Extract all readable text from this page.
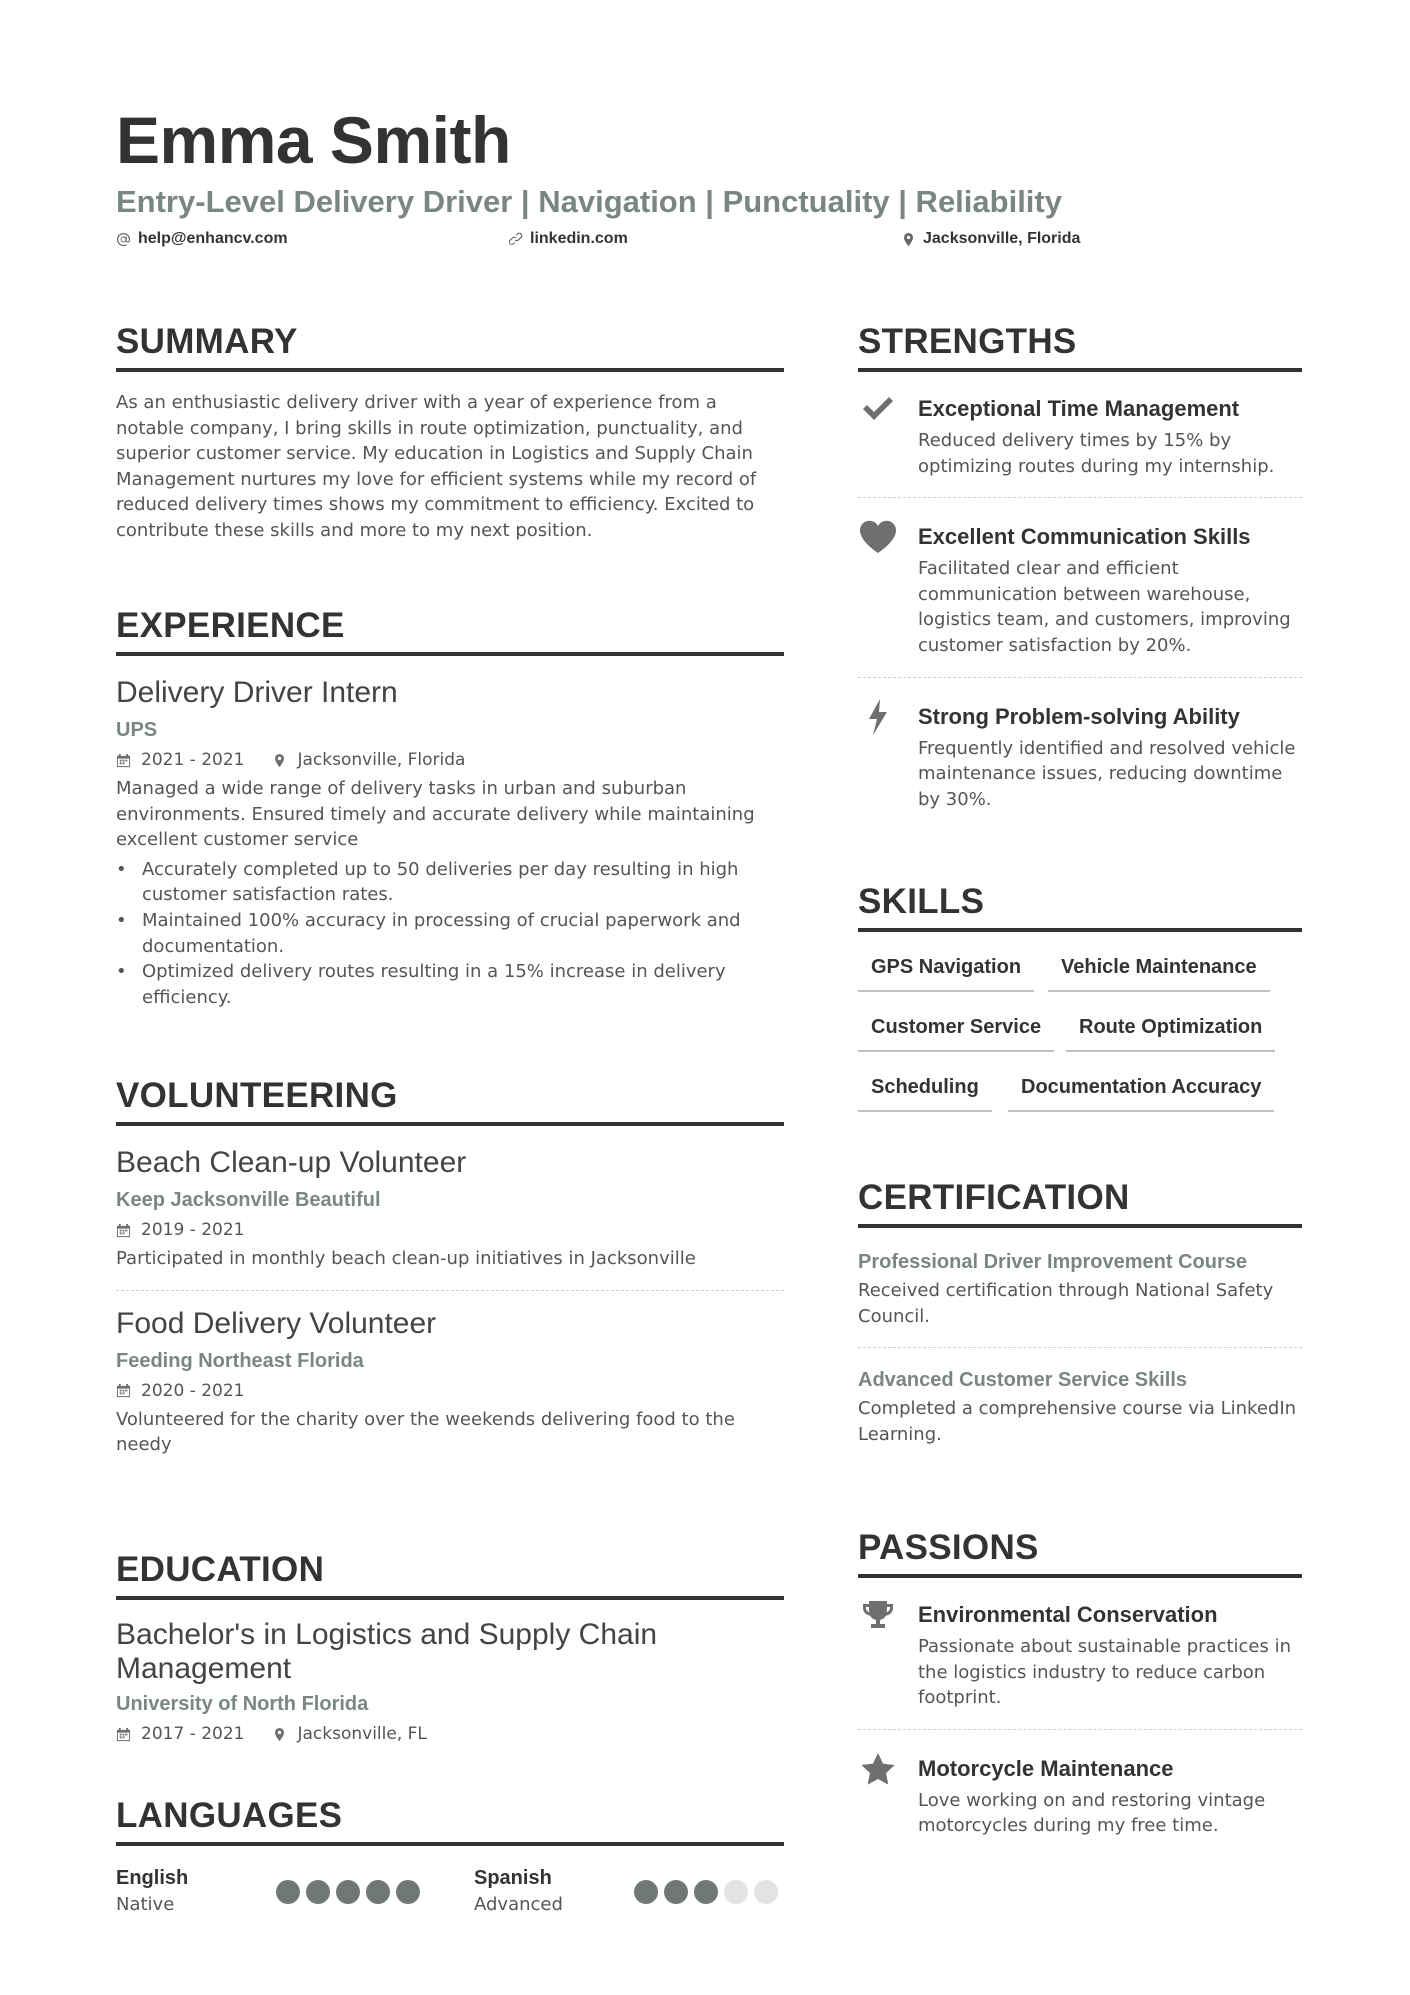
Emma Smith
Entry-Level Delivery Driver | Navigation | Punctuality | Reliability
help@enhancv.com	linkedin.com	Jacksonville, Florida
SUMMARY
As an enthusiastic delivery driver with a year of experience from a notable company, I bring skills in route optimization, punctuality, and superior customer service. My education in Logistics and Supply Chain Management nurtures my love for efficient systems while my record of reduced delivery times shows my commitment to efficiency. Excited to contribute these skills and more to my next position.
EXPERIENCE
Delivery Driver Intern
UPS
2021 - 2021	Jacksonville, Florida
Managed a wide range of delivery tasks in urban and suburban environments. Ensured timely and accurate delivery while maintaining excellent customer service
• Accurately completed up to 50 deliveries per day resulting in high customer satisfaction rates.
• Maintained 100% accuracy in processing of crucial paperwork and documentation.
• Optimized delivery routes resulting in a 15% increase in delivery efficiency.
VOLUNTEERING
Beach Clean-up Volunteer
Keep Jacksonville Beautiful
2019 - 2021
Participated in monthly beach clean-up initiatives in Jacksonville
Food Delivery Volunteer
Feeding Northeast Florida
2020 - 2021
Volunteered for the charity over the weekends delivering food to the needy
EDUCATION
Bachelor's in Logistics and Supply Chain Management
University of North Florida
2017 - 2021	Jacksonville, FL
LANGUAGES
English
Native
Spanish
Advanced
STRENGTHS
Exceptional Time Management
Reduced delivery times by 15% by optimizing routes during my internship.
Excellent Communication Skills
Facilitated clear and efficient communication between warehouse, logistics team, and customers, improving customer satisfaction by 20%.
Strong Problem-solving Ability
Frequently identified and resolved vehicle maintenance issues, reducing downtime by 30%.
SKILLS
GPS Navigation	Vehicle Maintenance
Customer Service	Route Optimization
Scheduling	Documentation Accuracy
CERTIFICATION
Professional Driver Improvement Course
Received certification through National Safety Council.
Advanced Customer Service Skills
Completed a comprehensive course via LinkedIn Learning.
PASSIONS
Environmental Conservation
Passionate about sustainable practices in the logistics industry to reduce carbon footprint.
Motorcycle Maintenance
Love working on and restoring vintage motorcycles during my free time.
